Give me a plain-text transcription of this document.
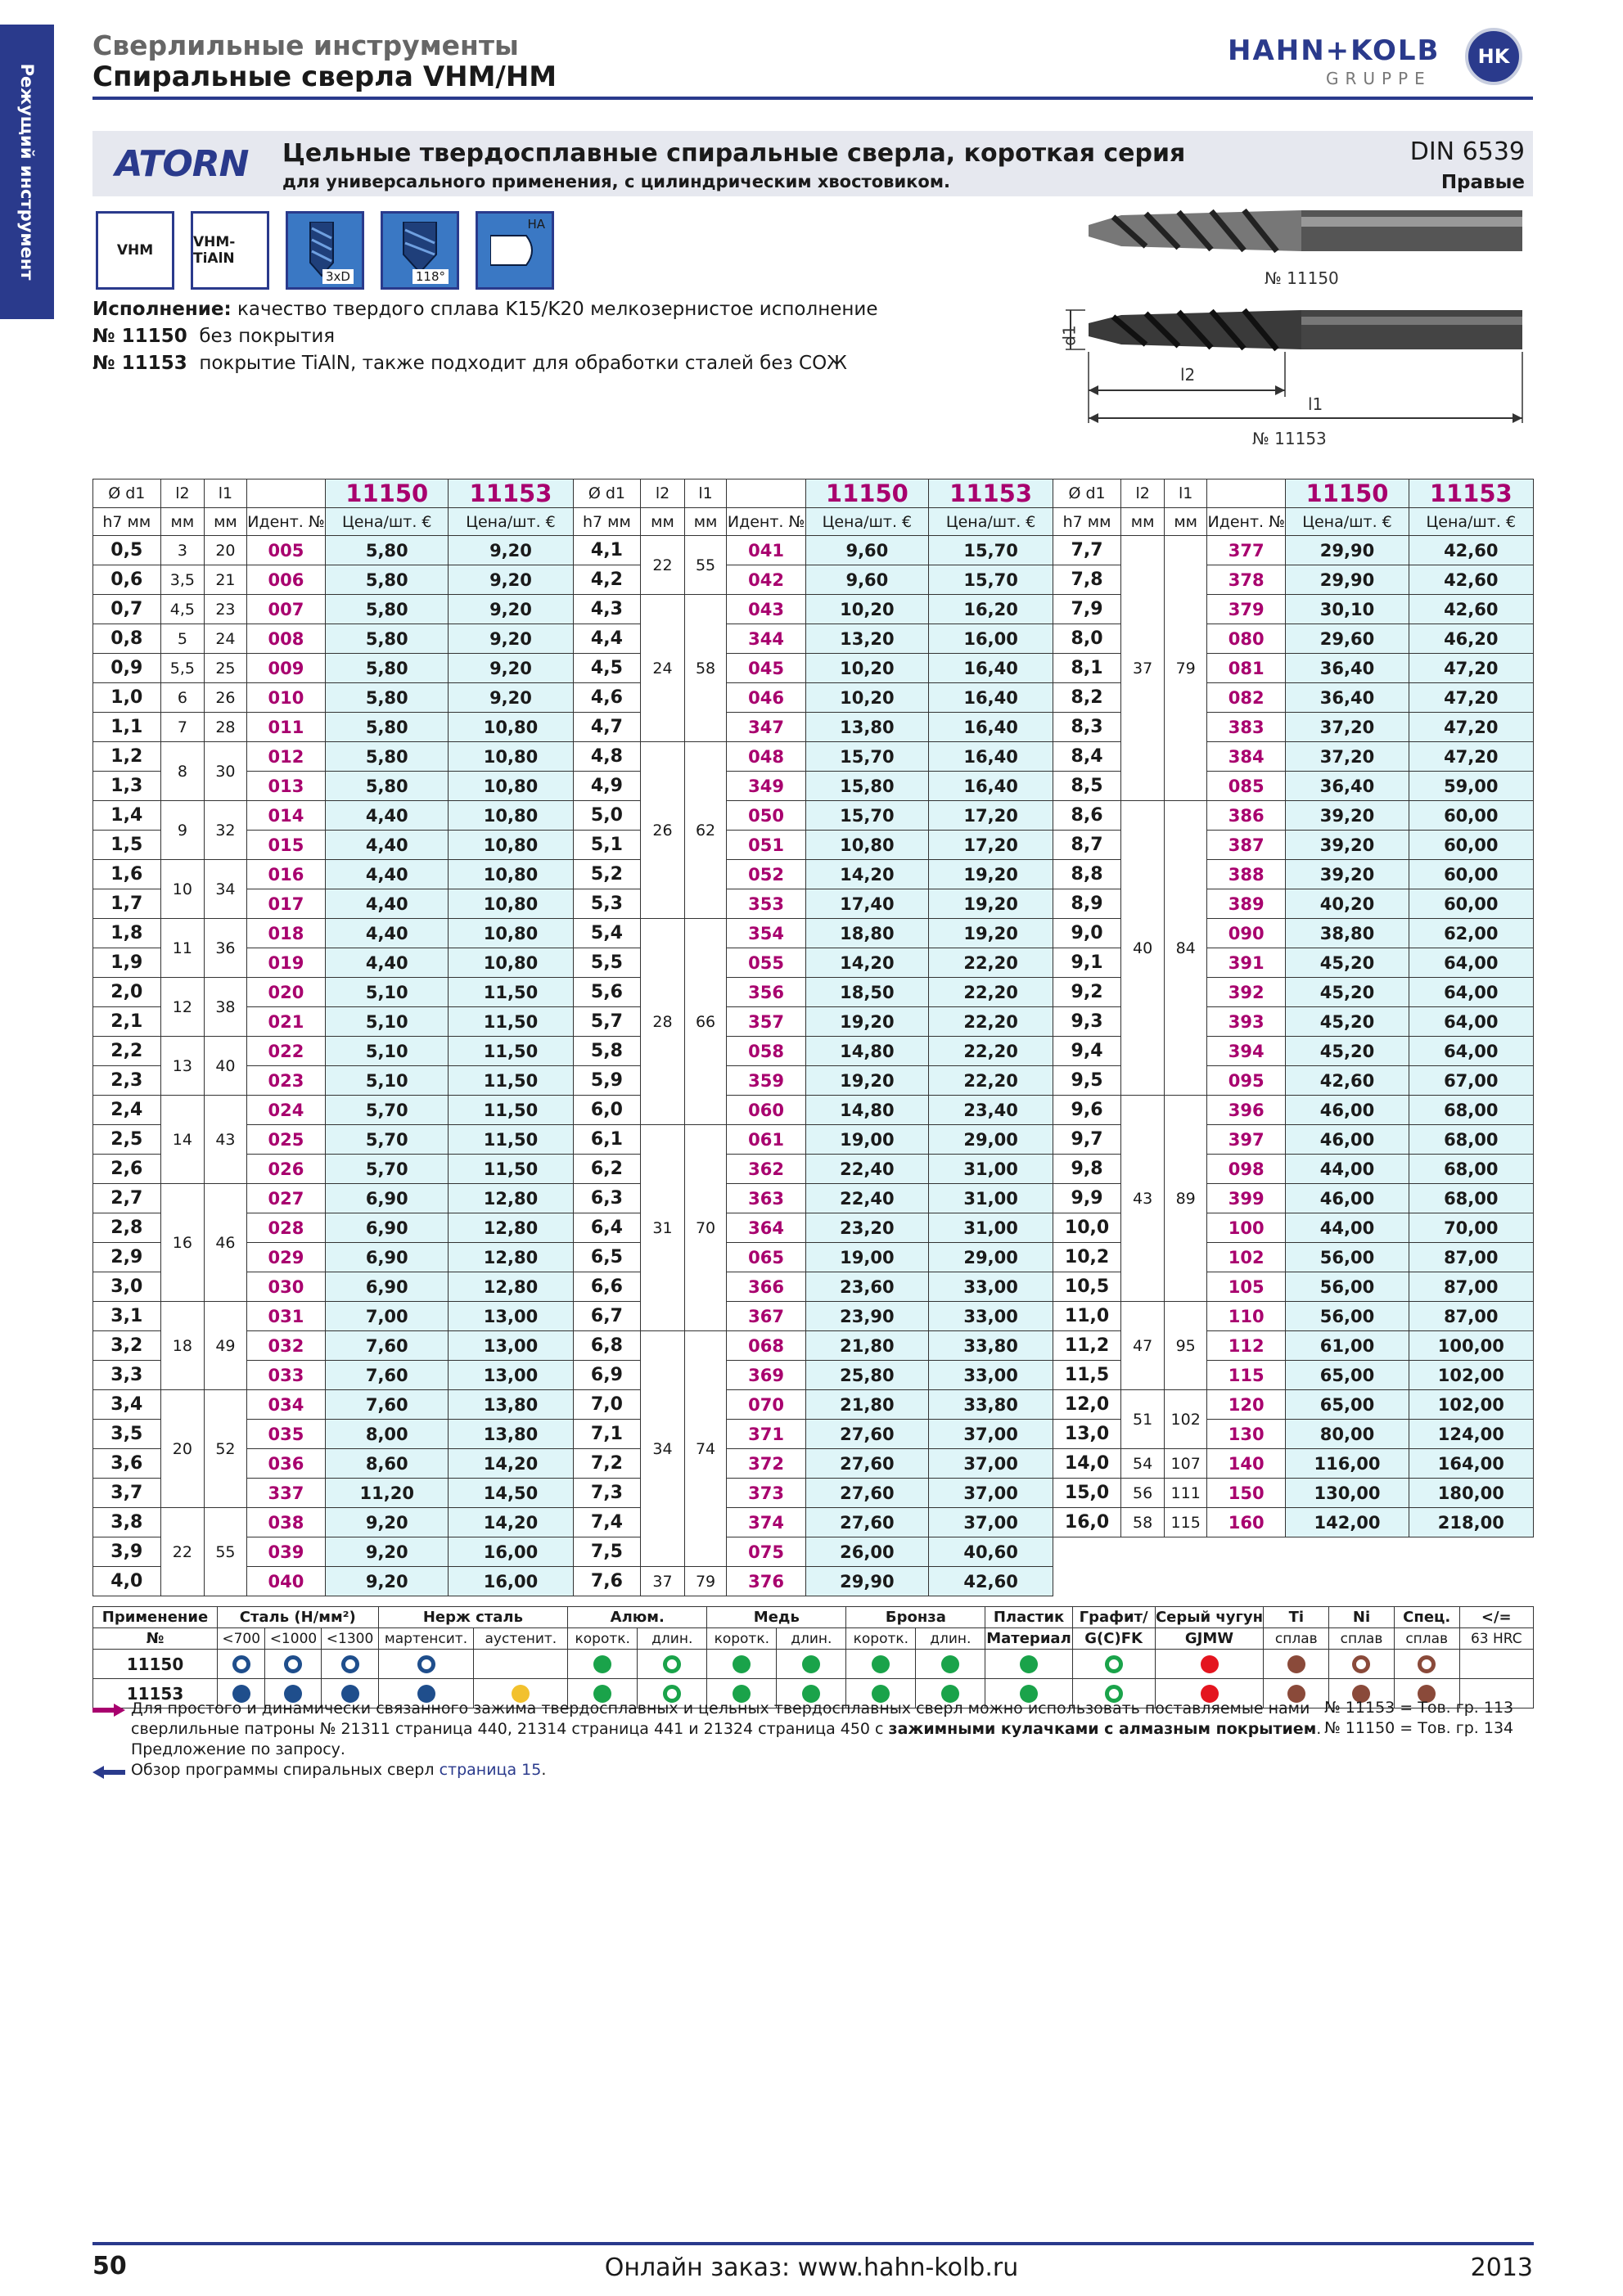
Режущий инструмент
Сверлильные инструменты
Спиральные сверла VHM/HM
HAHN+KOLB
GRUPPE
HK
ATORN	Цельные твердосплавные спиральные сверла, короткая серия
для универсального применения, с цилиндрическим хвостовиком.
DIN 6539
Правые
VHM	VHM-TiAlN
3xD	118°
HA
Исполнение: качество твердого сплава K15/K20 мелкозернистое исполнение
№ 11150  без покрытия
№ 11153  покрытие TiAlN, также подходит для обработки сталей без СОЖ
№ 11150
d1
l2
l1
№ 11153
Ø d1	l2	l1		11150	11153	Ø d1	l2	l1		11150	11153	Ø d1	l2	l1		11150	11153
h7 мм	мм	мм	Идент. №	Цена/шт. €	Цена/шт. €	h7 мм	мм	мм	Идент. №	Цена/шт. €	Цена/шт. €	h7 мм	мм	мм	Идент. №	Цена/шт. €	Цена/шт. €
0,5	3	20	005	5,80	9,20	4,1	22	55	041	9,60	15,70	7,7	37	79	377	29,90	42,60
0,6	3,5	21	006	5,80	9,20	4,2			042	9,60	15,70	7,8			378	29,90	42,60
0,7	4,5	23	007	5,80	9,20	4,3	24	58	043	10,20	16,20	7,9			379	30,10	42,60
0,8	5	24	008	5,80	9,20	4,4			344	13,20	16,00	8,0			080	29,60	46,20
0,9	5,5	25	009	5,80	9,20	4,5			045	10,20	16,40	8,1			081	36,40	47,20
1,0	6	26	010	5,80	9,20	4,6			046	10,20	16,40	8,2			082	36,40	47,20
1,1	7	28	011	5,80	10,80	4,7			347	13,80	16,40	8,3			383	37,20	47,20
1,2	8	30	012	5,80	10,80	4,8	26	62	048	15,70	16,40	8,4			384	37,20	47,20
1,3			013	5,80	10,80	4,9			349	15,80	16,40	8,5			085	36,40	59,00
1,4	9	32	014	4,40	10,80	5,0			050	15,70	17,20	8,6	40	84	386	39,20	60,00
1,5			015	4,40	10,80	5,1			051	10,80	17,20	8,7			387	39,20	60,00
1,6	10	34	016	4,40	10,80	5,2			052	14,20	19,20	8,8			388	39,20	60,00
1,7			017	4,40	10,80	5,3			353	17,40	19,20	8,9			389	40,20	60,00
1,8	11	36	018	4,40	10,80	5,4	28	66	354	18,80	19,20	9,0			090	38,80	62,00
1,9			019	4,40	10,80	5,5			055	14,20	22,20	9,1			391	45,20	64,00
2,0	12	38	020	5,10	11,50	5,6			356	18,50	22,20	9,2			392	45,20	64,00
2,1			021	5,10	11,50	5,7			357	19,20	22,20	9,3			393	45,20	64,00
2,2	13	40	022	5,10	11,50	5,8			058	14,80	22,20	9,4			394	45,20	64,00
2,3			023	5,10	11,50	5,9			359	19,20	22,20	9,5			095	42,60	67,00
2,4	14	43	024	5,70	11,50	6,0			060	14,80	23,40	9,6	43	89	396	46,00	68,00
2,5			025	5,70	11,50	6,1	31	70	061	19,00	29,00	9,7			397	46,00	68,00
2,6			026	5,70	11,50	6,2			362	22,40	31,00	9,8			098	44,00	68,00
2,7	16	46	027	6,90	12,80	6,3			363	22,40	31,00	9,9			399	46,00	68,00
2,8			028	6,90	12,80	6,4			364	23,20	31,00	10,0			100	44,00	70,00
2,9			029	6,90	12,80	6,5			065	19,00	29,00	10,2			102	56,00	87,00
3,0			030	6,90	12,80	6,6			366	23,60	33,00	10,5			105	56,00	87,00
3,1	18	49	031	7,00	13,00	6,7			367	23,90	33,00	11,0	47	95	110	56,00	87,00
3,2			032	7,60	13,00	6,8	34	74	068	21,80	33,80	11,2			112	61,00	100,00
3,3			033	7,60	13,00	6,9			369	25,80	33,00	11,5			115	65,00	102,00
3,4	20	52	034	7,60	13,80	7,0			070	21,80	33,80	12,0	51	102	120	65,00	102,00
3,5			035	8,00	13,80	7,1			371	27,60	37,00	13,0			130	80,00	124,00
3,6			036	8,60	14,20	7,2			372	27,60	37,00	14,0	54	107	140	116,00	164,00
3,7			337	11,20	14,50	7,3			373	27,60	37,00	15,0	56	111	150	130,00	180,00
3,8	22	55	038	9,20	14,20	7,4			374	27,60	37,00	16,0	58	115	160	142,00	218,00
3,9			039	9,20	16,00	7,5			075	26,00	40,60						
4,0			040	9,20	16,00	7,6	37	79	376	29,90	42,60						
Применение	Сталь (Н/мм²)			Нерж сталь		Алюм.		Медь		Бронза		Пластик	Графит/	Серый чугун	Ti	Ni	Спец.	</=
№	<700	<1000	<1300	мартенсит.	аустенит.	коротк.	длин.	коротк.	длин.	коротк.	длин.	Материал	G(C)FK	GJMW	сплав	сплав	сплав	63 HRC
11150																		
11153																		
Для простого и динамически связанного зажима твердосплавных и цельных твердосплавных сверл можно использовать поставляемые нами
сверлильные патроны № 21311 страница 440, 21314 страница 441 и 21324 страница 450 с зажимными кулачками с алмазным покрытием.
Предложение по запросу.
№ 11153 = Тов. гр. 113
№ 11150 = Тов. гр. 134
Обзор программы спиральных сверл страница 15.
50	Онлайн заказ: www.hahn-kolb.ru	2013
